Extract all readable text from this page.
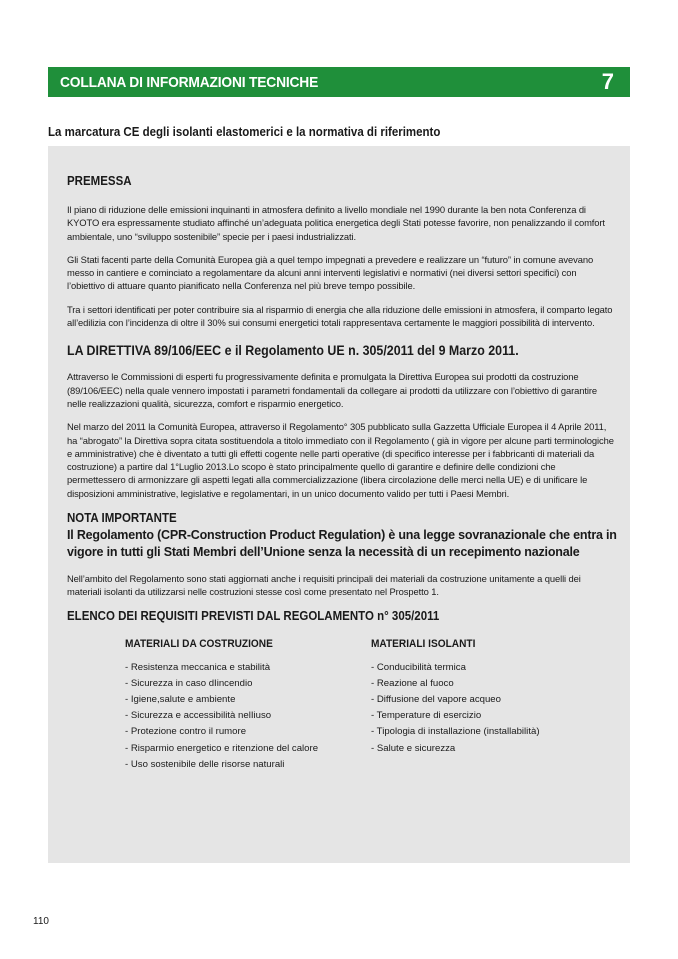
COLLANA DI INFORMAZIONI TECNICHE	7
La marcatura CE degli isolanti elastomerici e la normativa di riferimento

PREMESSA

Il piano di riduzione delle emissioni inquinanti in atmosfera definito a livello mondiale nel 1990 durante la ben nota Conferenza di KYOTO era espressamente studiato affinché un’adeguata politica energetica degli Stati potesse favorire, non penalizzando il comfort ambientale, uno “sviluppo sostenibile” specie per i paesi industrializzati.

Gli Stati facenti parte della Comunità Europea già a quel tempo impegnati a prevedere e realizzare un “futuro” in comune avevano messo in cantiere e cominciato a regolamentare da alcuni anni interventi legislativi e normativi (nei diversi settori specifici) con l’obiettivo di attuare quanto pianificato nella Conferenza nel più breve tempo possibile.

Tra i settori identificati per poter contribuire sia al risparmio di energia che alla riduzione delle emissioni in atmosfera, il comparto legato all’edilizia con l’incidenza di oltre il 30% sui consumi energetici totali rappresentava certamente le maggiori possibilità di intervento.

LA DIRETTIVA 89/106/EEC e il Regolamento UE n. 305/2011 del 9 Marzo 2011.

Attraverso le Commissioni di esperti fu progressivamente definita e promulgata la Direttiva Europea sui prodotti da costruzione (89/106/EEC) nella quale vennero impostati i parametri fondamentali da collegare ai prodotti da utilizzare con l’obiettivo di garantire nelle realizzazioni qualità, sicurezza, comfort e risparmio energetico.

Nel marzo del 2011 la Comunità Europea, attraverso il Regolamento° 305 pubblicato sulla Gazzetta Ufficiale Europea il 4 Aprile 2011, ha “abrogato” la Direttiva sopra citata sostituendola a titolo immediato con il Regolamento ( già in vigore per alcune parti terminologiche e amministrative) che è diventato a tutti gli effetti cogente nelle parti operative (di specifico interesse per i fabbricanti di materiali da costruzione) a partire dal 1°Luglio 2013.Lo scopo è stato principalmente quello di garantire e definire delle condizioni che permettessero di armonizzare gli aspetti legati alla commercializzazione (libera circolazione delle merci nella UE) e di unificare le disposizioni amministrative, legislative e regolamentari, in un unico documento valido per tutti i Paesi Membri.

NOTA IMPORTANTE

Il Regolamento (CPR-Construction Product Regulation) è una legge sovranazionale che entra in vigore in tutti gli Stati Membri dell’Unione senza la necessità di un recepimento nazionale

Nell’ambito del Regolamento sono stati aggiornati anche i requisiti principali dei materiali da costruzione unitamente a quelli dei materiali isolanti da utilizzarsi nelle costruzioni stesse così come presentato nel Prospetto 1.

ELENCO DEI REQUISITI PREVISTI DAL REGOLAMENTO n° 305/2011

MATERIALI DA COSTRUZIONE

- Resistenza meccanica e stabilità
- Sicurezza in caso dIincendio
- Igiene,salute e ambiente
- Sicurezza e accessibilità nelIiuso
- Protezione contro il rumore
- Risparmio energetico e ritenzione del calore
- Uso sostenibile delle risorse naturali

MATERIALI ISOLANTI

- Conducibilità termica
- Reazione al fuoco
- Diffusione del vapore acqueo
- Temperature di esercizio
- Tipologia di installazione (installabilità)
- Salute e sicurezza
110
